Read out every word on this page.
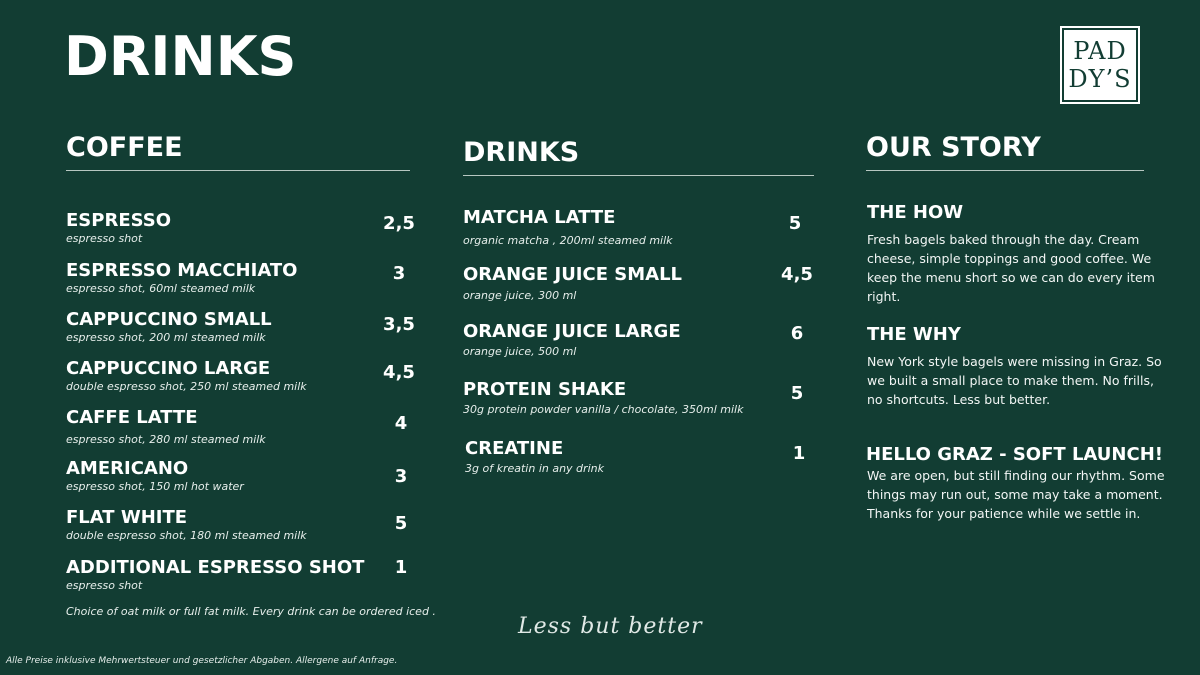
DRINKS	PAD
DY’S
COFFEE
ESPRESSO
espresso shot
2,5
ESPRESSO MACCHIATO
espresso shot, 60ml steamed milk
3
CAPPUCCINO SMALL
espresso shot, 200 ml steamed milk
3,5
CAPPUCCINO LARGE
double espresso shot, 250 ml steamed milk
4,5
CAFFE LATTE
espresso shot, 280 ml steamed milk
4
AMERICANO
espresso shot, 150 ml hot water	3
FLAT WHITE
double espresso shot, 180 ml steamed milk
5
ADDITIONAL ESPRESSO SHOT
espresso shot
1
Choice of oat milk or full fat milk. Every drink can be ordered iced .
DRINKS
MATCHA LATTE
organic matcha , 200ml steamed milk
5
ORANGE JUICE SMALL
orange juice, 300 ml
4,5
ORANGE JUICE LARGE
orange juice, 500 ml
6
PROTEIN SHAKE
30g protein powder vanilla / chocolate, 350ml milk
5
CREATINE
3g of kreatin in any drink
1
OUR STORY
THE HOW
Fresh bagels baked through the day. Cream cheese, simple toppings and good coffee. We keep the menu short so we can do every item right.
THE WHY
New York style bagels were missing in Graz. So we built a small place to make them. No frills, no shortcuts. Less but better.
HELLO GRAZ - SOFT LAUNCH!
We are open, but still finding our rhythm. Some things may run out, some may take a moment. Thanks for your patience while we settle in.
Less but better
Alle Preise inklusive Mehrwertsteuer und gesetzlicher Abgaben. Allergene auf Anfrage.
